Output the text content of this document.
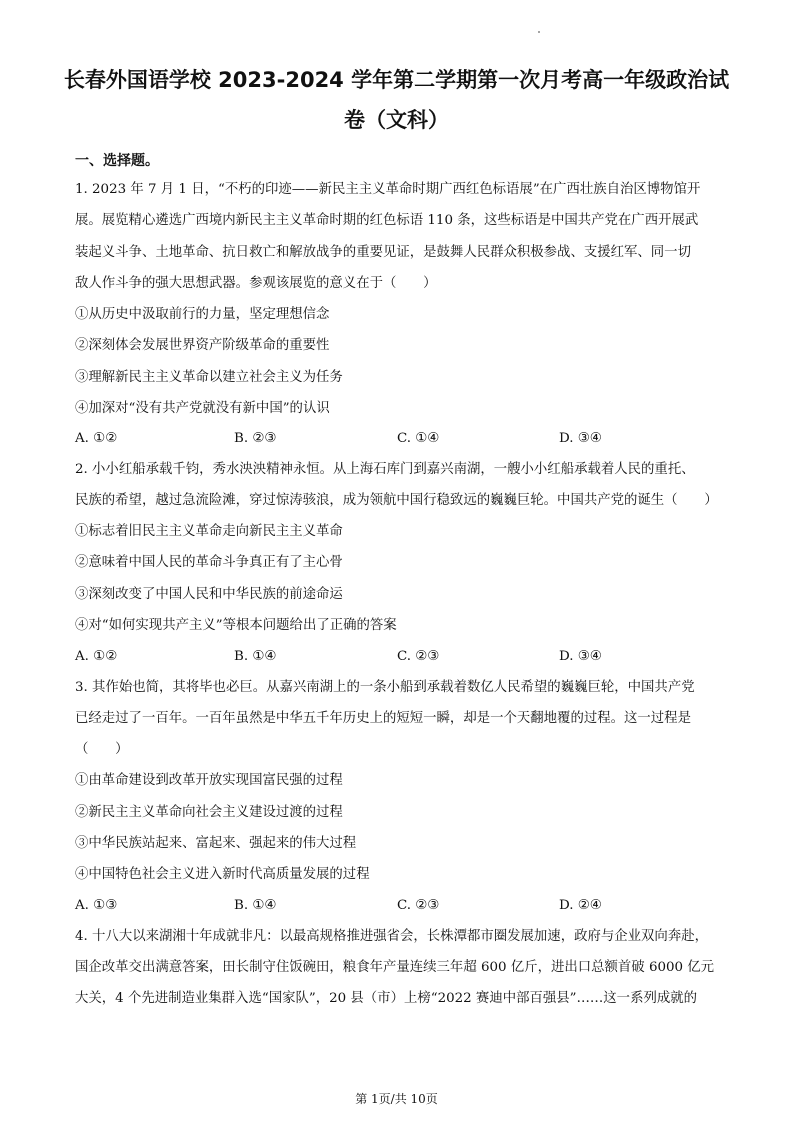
长春外国语学校 2023-2024 学年第二学期第一次月考高一年级政治试
卷（文科）
一、选择题。
1. 2023 年 7 月 1 日，“不朽的印迹——新民主主义革命时期广西红色标语展”在广西壮族自治区博物馆开
展。展览精心遴选广西境内新民主主义革命时期的红色标语 110 条，这些标语是中国共产党在广西开展武
装起义斗争、土地革命、抗日救亡和解放战争的重要见证，是鼓舞人民群众积极参战、支援红军、同一切
敌人作斗争的强大思想武器。参观该展览的意义在于（　　）
①从历史中汲取前行的力量，坚定理想信念
②深刻体会发展世界资产阶级革命的重要性
③理解新民主主义革命以建立社会主义为任务
④加深对“没有共产党就没有新中国”的认识
A. ①②	B. ②③	C. ①④	D. ③④
2. 小小红船承载千钧，秀水泱泱精神永恒。从上海石库门到嘉兴南湖，一艘小小红船承载着人民的重托、
民族的希望，越过急流险滩，穿过惊涛骇浪，成为领航中国行稳致远的巍巍巨轮。中国共产党的诞生（　　）
①标志着旧民主主义革命走向新民主主义革命
②意味着中国人民的革命斗争真正有了主心骨
③深刻改变了中国人民和中华民族的前途命运
④对“如何实现共产主义”等根本问题给出了正确的答案
A. ①②	B. ①④	C. ②③	D. ③④
3. 其作始也简，其将毕也必巨。从嘉兴南湖上的一条小船到承载着数亿人民希望的巍巍巨轮，中国共产党
已经走过了一百年。一百年虽然是中华五千年历史上的短短一瞬，却是一个天翻地覆的过程。这一过程是
（　　）
①由革命建设到改革开放实现国富民强的过程
②新民主主义革命向社会主义建设过渡的过程
③中华民族站起来、富起来、强起来的伟大过程
④中国特色社会主义进入新时代高质量发展的过程
A. ①③	B. ①④	C. ②③	D. ②④
4. 十八大以来湖湘十年成就非凡：以最高规格推进强省会，长株潭都市圈发展加速，政府与企业双向奔赴，
国企改革交出满意答案，田长制守住饭碗田，粮食年产量连续三年超 600 亿斤，进出口总额首破 6000 亿元
大关，4 个先进制造业集群入选“国家队”，20 县（市）上榜“2022 赛迪中部百强县”……这一系列成就的
第 1页/共 10页
